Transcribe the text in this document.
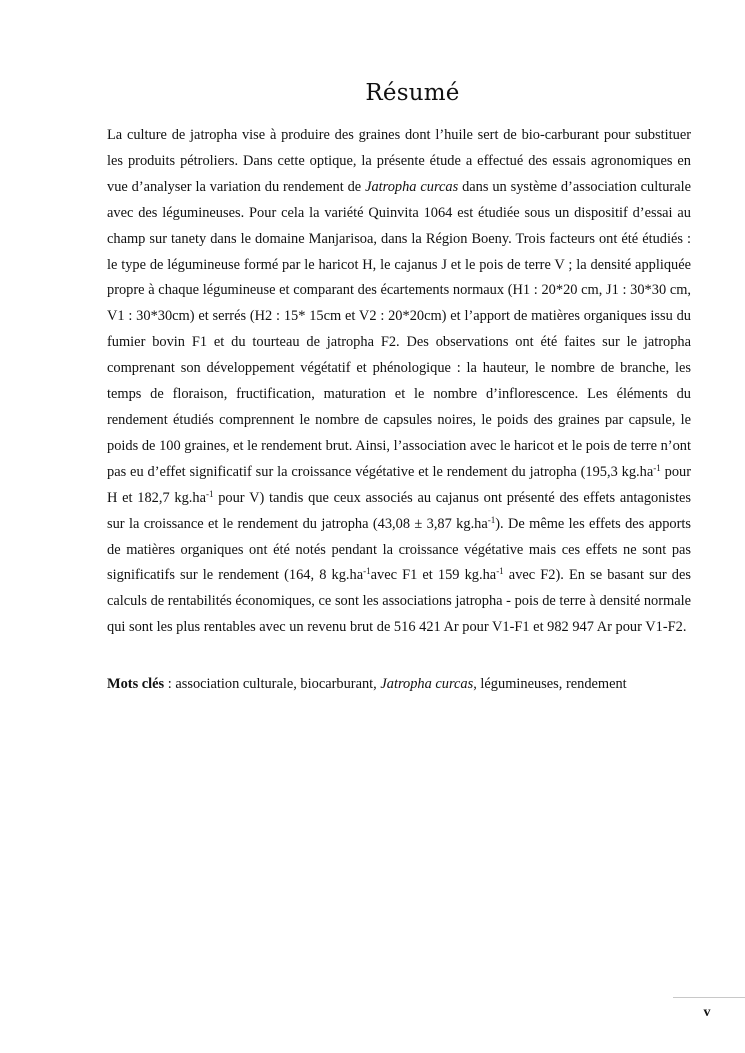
Résumé

La culture de jatropha vise à produire des graines dont l’huile sert de bio-carburant pour substituer les produits pétroliers. Dans cette optique, la présente étude a effectué des essais agronomiques en vue d’analyser la variation du rendement de Jatropha curcas dans un système d’association culturale avec des légumineuses. Pour cela la variété Quinvita 1064 est étudiée sous un dispositif d’essai au champ sur tanety dans le domaine Manjarisoa, dans la Région Boeny. Trois facteurs ont été étudiés : le type de légumineuse formé par le haricot H, le cajanus J et le pois de terre V ; la densité appliquée propre à chaque légumineuse et comparant des écartements normaux (H1 : 20*20 cm, J1 : 30*30 cm, V1 : 30*30cm) et serrés (H2 : 15* 15cm et V2 : 20*20cm) et l’apport de matières organiques issu du fumier bovin F1 et du tourteau de jatropha F2. Des observations ont été faites sur le jatropha comprenant son développement végétatif et phénologique : la hauteur, le nombre de branche, les temps de floraison, fructification, maturation et le nombre d’inflorescence. Les éléments du rendement étudiés comprennent le nombre de capsules noires, le poids des graines par capsule, le poids de 100 graines, et le rendement brut. Ainsi, l’association avec le haricot et le pois de terre n’ont pas eu d’effet significatif sur la croissance végétative et le rendement du jatropha (195,3 $kg.ha^{-1}$ pour H et 182,7 $kg.ha^{-1}$ pour V) tandis que ceux associés au cajanus ont présenté des effets antagonistes sur la croissance et le rendement du jatropha (43,08 ± 3,87 $kg.ha^{-1}$). De même les effets des apports de matières organiques ont été notés pendant la croissance végétative mais ces effets ne sont pas significatifs sur le rendement (164, 8 $kg.ha^{-1}avec$ F1 et 159 $kg.ha^{-1}$ avec F2). En se basant sur des calculs de rentabilités économiques, ce sont les associations jatropha - pois de terre à densité normale qui sont les plus rentables avec un revenu brut de 516 421 Ar pour V1-F1 et 982 947 Ar pour V1-F2.

Mots clés : association culturale, biocarburant, Jatropha curcas, légumineuses, rendement

v
